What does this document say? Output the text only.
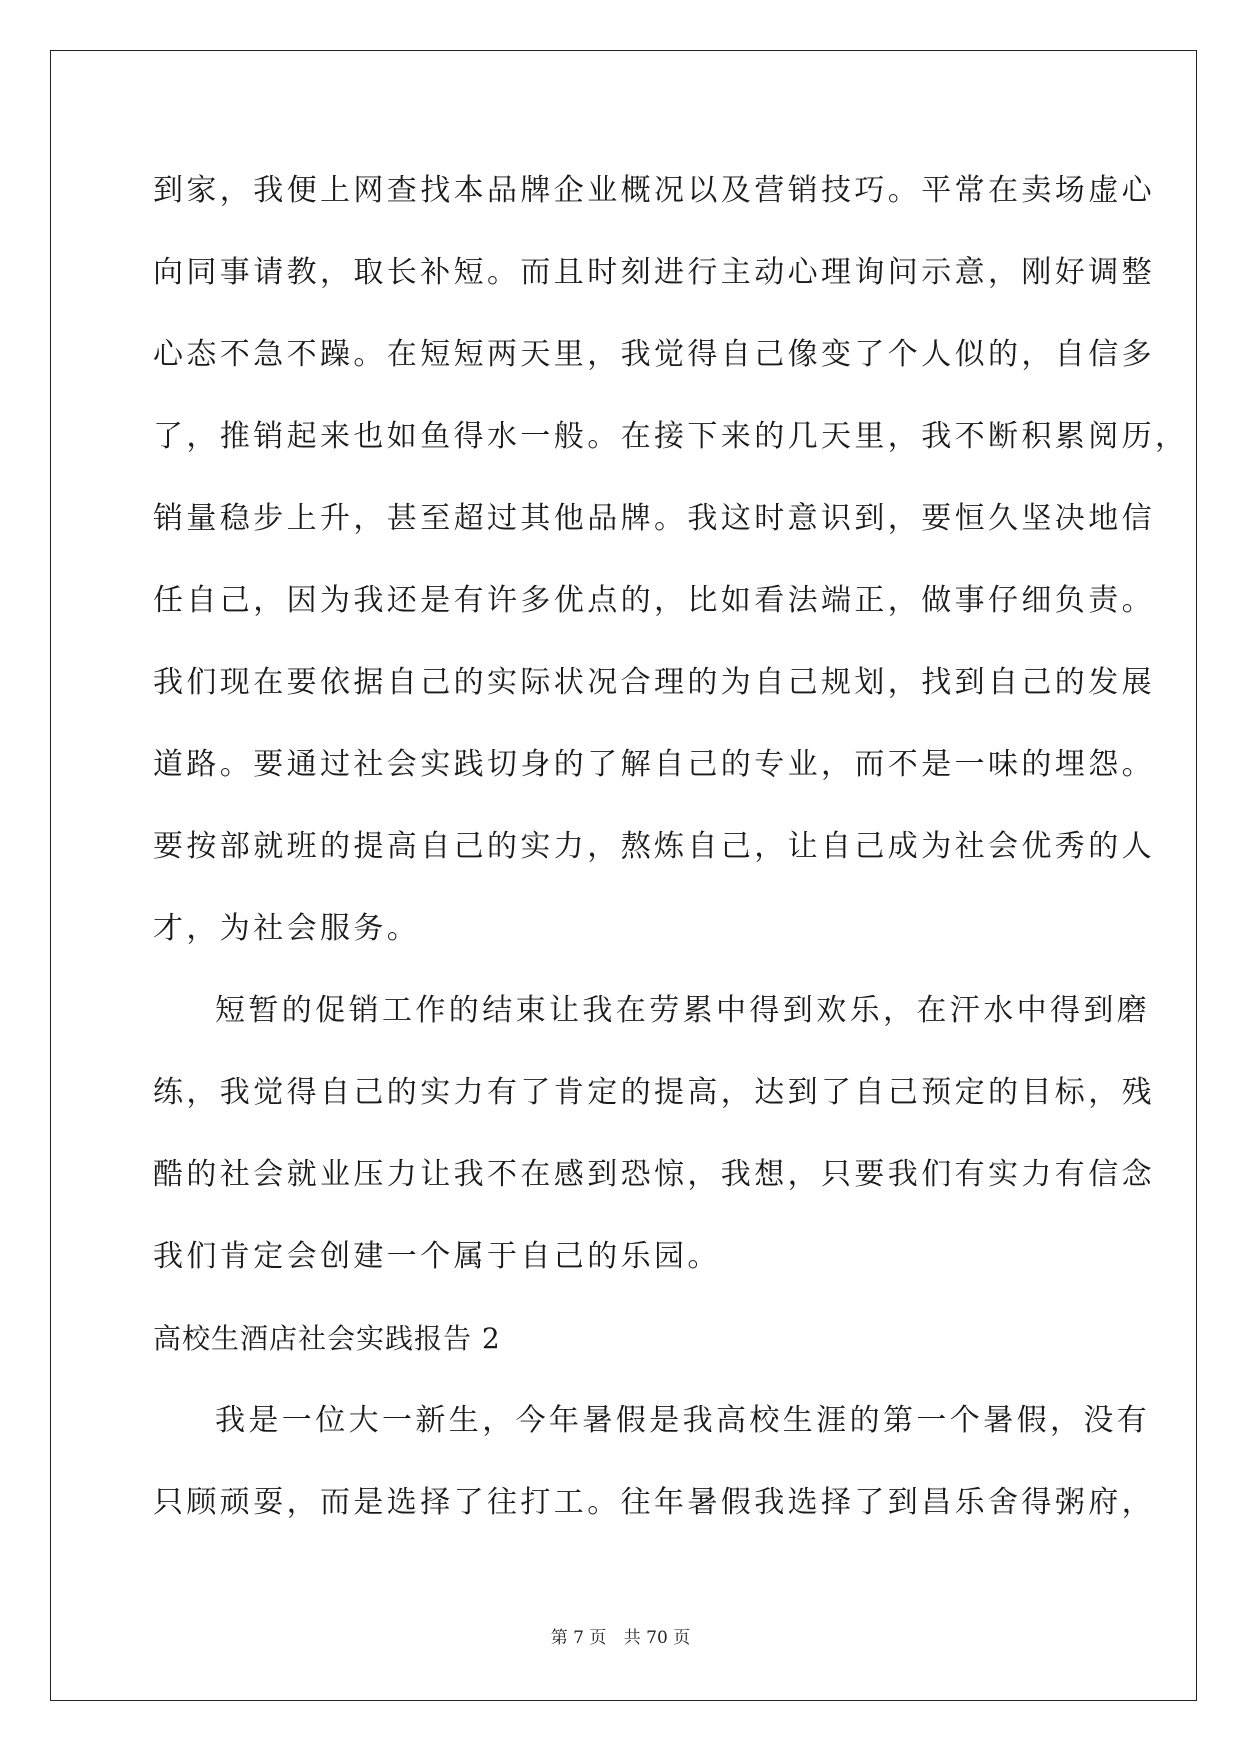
到家，我便上网查找本品牌企业概况以及营销技巧。平常在卖场虚心
向同事请教，取长补短。而且时刻进行主动心理询问示意，刚好调整
心态不急不躁。在短短两天里，我觉得自己像变了个人似的，自信多
了，推销起来也如鱼得水一般。在接下来的几天里，我不断积累阅历，
销量稳步上升，甚至超过其他品牌。我这时意识到，要恒久坚决地信
任自己，因为我还是有许多优点的，比如看法端正，做事仔细负责。
我们现在要依据自己的实际状况合理的为自己规划，找到自己的发展
道路。要通过社会实践切身的了解自己的专业，而不是一味的埋怨。
要按部就班的提高自己的实力，熬炼自己，让自己成为社会优秀的人
才，为社会服务。
短暂的促销工作的结束让我在劳累中得到欢乐，在汗水中得到磨
练，我觉得自己的实力有了肯定的提高，达到了自己预定的目标，残
酷的社会就业压力让我不在感到恐惊，我想，只要我们有实力有信念
我们肯定会创建一个属于自己的乐园。
高校生酒店社会实践报告 2
我是一位大一新生，今年暑假是我高校生涯的第一个暑假，没有
只顾顽耍，而是选择了往打工。往年暑假我选择了到昌乐舍得粥府，
第 7 页 共 70 页
